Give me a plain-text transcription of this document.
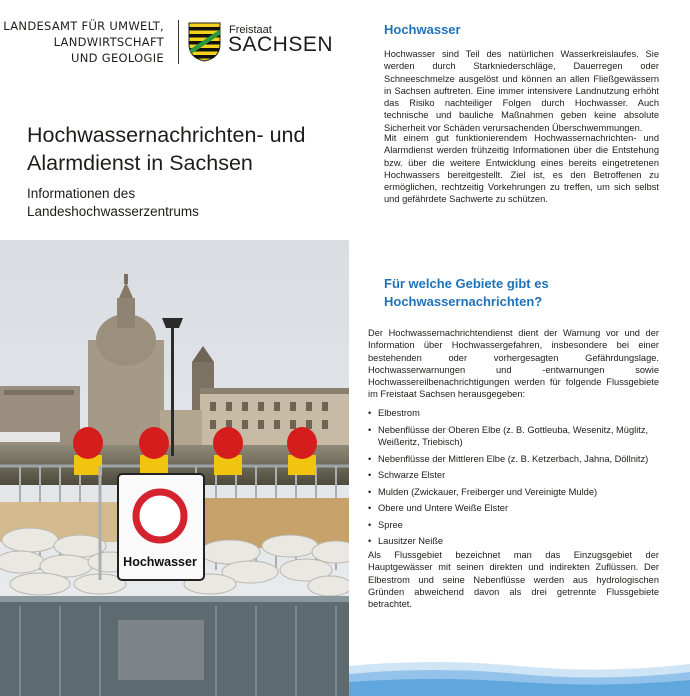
LANDESAMT FÜR UMWELT,
LANDWIRTSCHAFT
UND GEOLOGIE
Freistaat
SACHSEN
Hochwassernachrichten- und
Alarmdienst in Sachsen
Informationen des
Landeshochwasserzentrums
Hochwasser
Hochwasser
Hochwasser sind Teil des natürlichen Wasserkreislaufes. Sie werden durch Starkniederschläge, Dauerregen oder Schneeschmelze ausgelöst und können an allen Fließgewässern in Sachsen auftreten. Eine immer intensivere Landnutzung erhöht das Risiko nachteiliger Folgen durch Hochwasser. Auch technische und bauliche Maßnahmen geben keine absolute Sicherheit vor Schäden verursachenden Überschwemmungen.
Mit einem gut funktionierendem Hochwassernachrichten- und Alarmdienst werden frühzeitig Informationen über die Entstehung bzw. über die weitere Entwicklung eines bereits eingetretenen Hochwassers bereitgestellt. Ziel ist, es den Betroffenen zu ermöglichen, rechtzeitig Vorkehrungen zu treffen, um sich selbst und gefährdete Sachwerte zu schützen.
Für welche Gebiete gibt es
Hochwassernachrichten?
Der Hochwassernachrichtendienst dient der Warnung vor und der Information über Hochwassergefahren, insbesondere bei einer bestehenden oder vorhergesagten Gefährdungslage. Hochwasserwarnungen und -entwarnungen sowie Hochwassereilbenachrichtigungen werden für folgende Flussgebiete im Freistaat Sachsen herausgegeben:
• Elbestrom
• Nebenflüsse der Oberen Elbe (z. B. Gottleuba, Wesenitz, Müglitz,
Weißeritz, Triebisch)
• Nebenflüsse der Mittleren Elbe (z. B. Ketzerbach, Jahna, Döllnitz)
• Schwarze Elster
• Mulden (Zwickauer, Freiberger und Vereinigte Mulde)
• Obere und Untere Weiße Elster
• Spree
• Lausitzer Neiße
Als Flussgebiet bezeichnet man das Einzugsgebiet der Hauptgewässer mit seinen direkten und indirekten Zuflüssen. Der Elbestrom und seine Nebenflüsse werden aus hydrologischen Gründen abweichend davon als drei getrennte Flussgebiete betrachtet.
